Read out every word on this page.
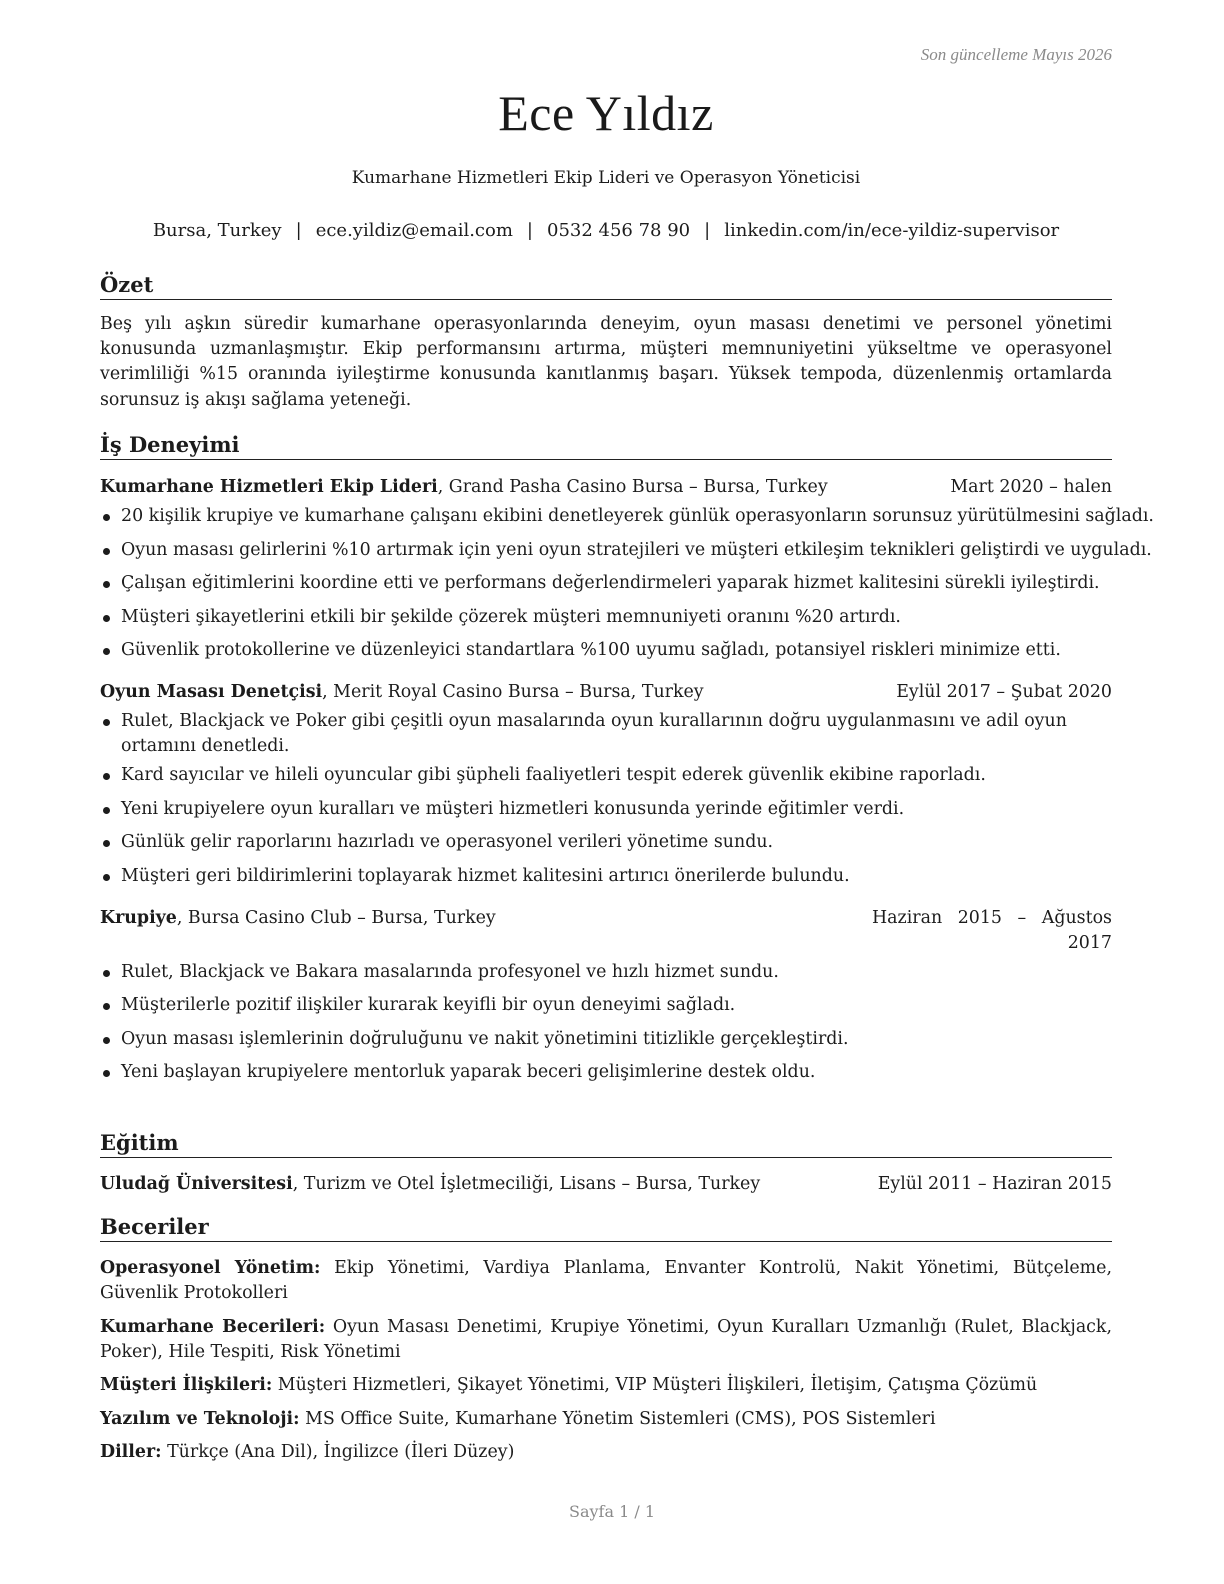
Son güncelleme Mayıs 2026
Ece Yıldız
Kumarhane Hizmetleri Ekip Lideri ve Operasyon Yöneticisi
Bursa, Turkey | ece.yildiz@email.com | 0532 456 78 90 | linkedin.com/in/ece-yildiz-supervisor
Özet
Beş yılı aşkın süredir kumarhane operasyonlarında deneyim, oyun masası denetimi ve personel yönetimi konusunda uzmanlaşmıştır. Ekip performansını artırma, müşteri memnuniyetini yükseltme ve operasyonel verimliliği %15 oranında iyileştirme konusunda kanıtlanmış başarı. Yüksek tempoda, düzenlenmiş ortamlarda sorunsuz iş akışı sağlama yeteneği.
İş Deneyimi
Kumarhane Hizmetleri Ekip Lideri, Grand Pasha Casino Bursa – Bursa, Turkey	Mart 2020 – halen
20 kişilik krupiye ve kumarhane çalışanı ekibini denetleyerek günlük operasyonların sorunsuz yürütülmesini sağladı.
Oyun masası gelirlerini %10 artırmak için yeni oyun stratejileri ve müşteri etkileşim teknikleri geliştirdi ve uyguladı.
Çalışan eğitimlerini koordine etti ve performans değerlendirmeleri yaparak hizmet kalitesini sürekli iyileştirdi.
Müşteri şikayetlerini etkili bir şekilde çözerek müşteri memnuniyeti oranını %20 artırdı.
Güvenlik protokollerine ve düzenleyici standartlara %100 uyumu sağladı, potansiyel riskleri minimize etti.
Oyun Masası Denetçisi, Merit Royal Casino Bursa – Bursa, Turkey	Eylül 2017 – Şubat 2020
Rulet, Blackjack ve Poker gibi çeşitli oyun masalarında oyun kurallarının doğru uygulanmasını ve adil oyun ortamını denetledi.
Kard sayıcılar ve hileli oyuncular gibi şüpheli faaliyetleri tespit ederek güvenlik ekibine raporladı.
Yeni krupiyelere oyun kuralları ve müşteri hizmetleri konusunda yerinde eğitimler verdi.
Günlük gelir raporlarını hazırladı ve operasyonel verileri yönetime sundu.
Müşteri geri bildirimlerini toplayarak hizmet kalitesini artırıcı önerilerde bulundu.
Krupiye, Bursa Casino Club – Bursa, Turkey	Haziran 2015 – Ağustos 2017
Rulet, Blackjack ve Bakara masalarında profesyonel ve hızlı hizmet sundu.
Müşterilerle pozitif ilişkiler kurarak keyifli bir oyun deneyimi sağladı.
Oyun masası işlemlerinin doğruluğunu ve nakit yönetimini titizlikle gerçekleştirdi.
Yeni başlayan krupiyelere mentorluk yaparak beceri gelişimlerine destek oldu.
Eğitim
Uludağ Üniversitesi, Turizm ve Otel İşletmeciliği, Lisans – Bursa, Turkey	Eylül 2011 – Haziran 2015
Beceriler
Operasyonel Yönetim: Ekip Yönetimi, Vardiya Planlama, Envanter Kontrolü, Nakit Yönetimi, Bütçeleme, Güvenlik Protokolleri
Kumarhane Becerileri: Oyun Masası Denetimi, Krupiye Yönetimi, Oyun Kuralları Uzmanlığı (Rulet, Blackjack, Poker), Hile Tespiti, Risk Yönetimi
Müşteri İlişkileri: Müşteri Hizmetleri, Şikayet Yönetimi, VIP Müşteri İlişkileri, İletişim, Çatışma Çözümü
Yazılım ve Teknoloji: MS Office Suite, Kumarhane Yönetim Sistemleri (CMS), POS Sistemleri
Diller: Türkçe (Ana Dil), İngilizce (İleri Düzey)
Sayfa 1 / 1
